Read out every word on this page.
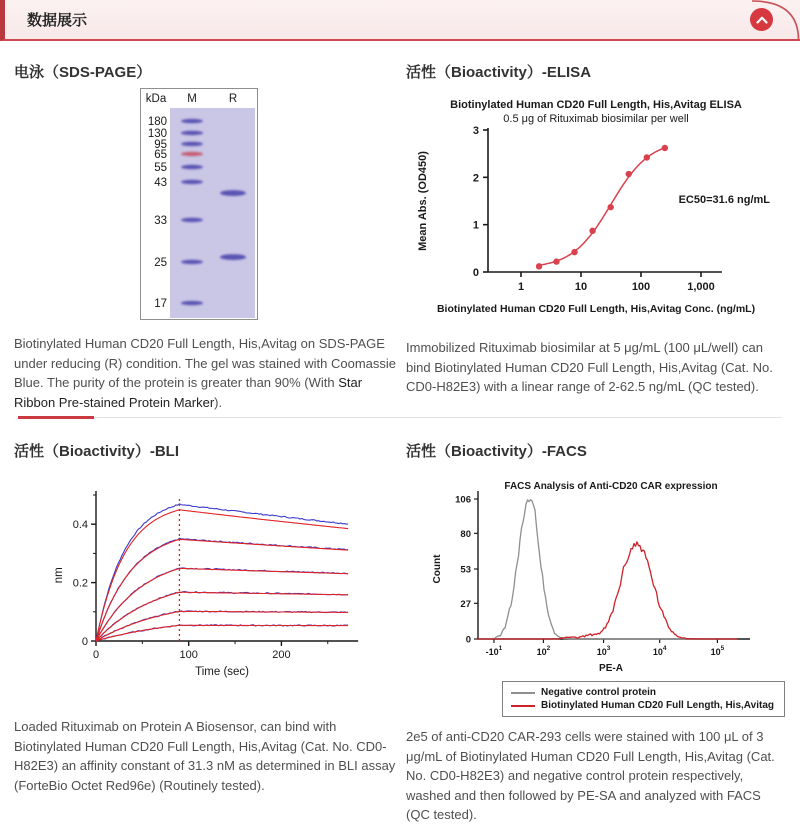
数据展示
电泳（SDS-PAGE）
kDa M	R
180
130
95
65
55
43
33
25
17

Biotinylated Human CD20 Full Length, His,Avitag on SDS-PAGE under reducing (R) condition. The gel was stained with Coomassie Blue. The purity of the protein is greater than 90% (With Star Ribbon Pre-stained Protein Marker).

活性（Bioactivity）-ELISA
Biotinylated Human CD20 Full Length, His,Avitag ELISA
0.5 μg of Rituximab biosimilar per well
0
1
2
3
1	10	100	1,000
Mean Abs. (OD450)
Biotinylated Human CD20 Full Length, His,Avitag Conc. (ng/mL)
EC50=31.6 ng/mL

Immobilized Rituximab biosimilar at 5 μg/mL (100 μL/well) can bind Biotinylated Human CD20 Full Length, His,Avitag (Cat. No. CD0-H82E3) with a linear range of 2-62.5 ng/mL (QC tested).

活性（Bioactivity）-BLI
0
0.2
0.4
0	100	200
Time (sec)
nm

Loaded Rituximab on Protein A Biosensor, can bind with Biotinylated Human CD20 Full Length, His,Avitag (Cat. No. CD0-H82E3) an affinity constant of 31.3 nM as determined in BLI assay (ForteBio Octet Red96e) (Routinely tested).

活性（Bioactivity）-FACS
FACS Analysis of Anti-CD20 CAR expression
0
27
53
80
106
$-10^1$	$10^2$	$10^3$	$10^4$	$10^5$
PE-A
Count
Negative control protein
Biotinylated Human CD20 Full Length, His,Avitag

2e5 of anti-CD20 CAR-293 cells were stained with 100 μL of 3 μg/mL of Biotinylated Human CD20 Full Length, His,Avitag (Cat. No. CD0-H82E3) and negative control protein respectively, washed and then followed by PE-SA and analyzed with FACS (QC tested).
